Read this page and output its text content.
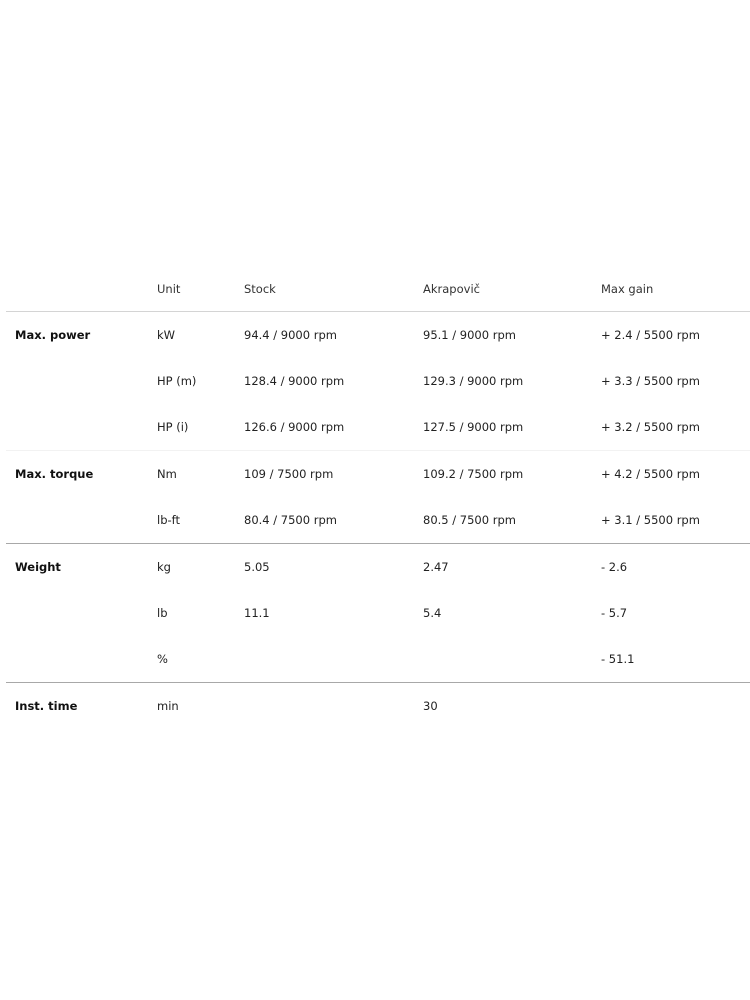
	Unit	Stock	Akrapovič	Max gain
Max. power	kW	94.4 / 9000 rpm	95.1 / 9000 rpm	+ 2.4 / 5500 rpm
	HP (m)	128.4 / 9000 rpm	129.3 / 9000 rpm	+ 3.3 / 5500 rpm
	HP (i)	126.6 / 9000 rpm	127.5 / 9000 rpm	+ 3.2 / 5500 rpm
Max. torque	Nm	109 / 7500 rpm	109.2 / 7500 rpm	+ 4.2 / 5500 rpm
	lb-ft	80.4 / 7500 rpm	80.5 / 7500 rpm	+ 3.1 / 5500 rpm
Weight	kg	5.05	2.47	- 2.6
	lb	11.1	5.4	- 5.7
	%			- 51.1
Inst. time	min		30	
